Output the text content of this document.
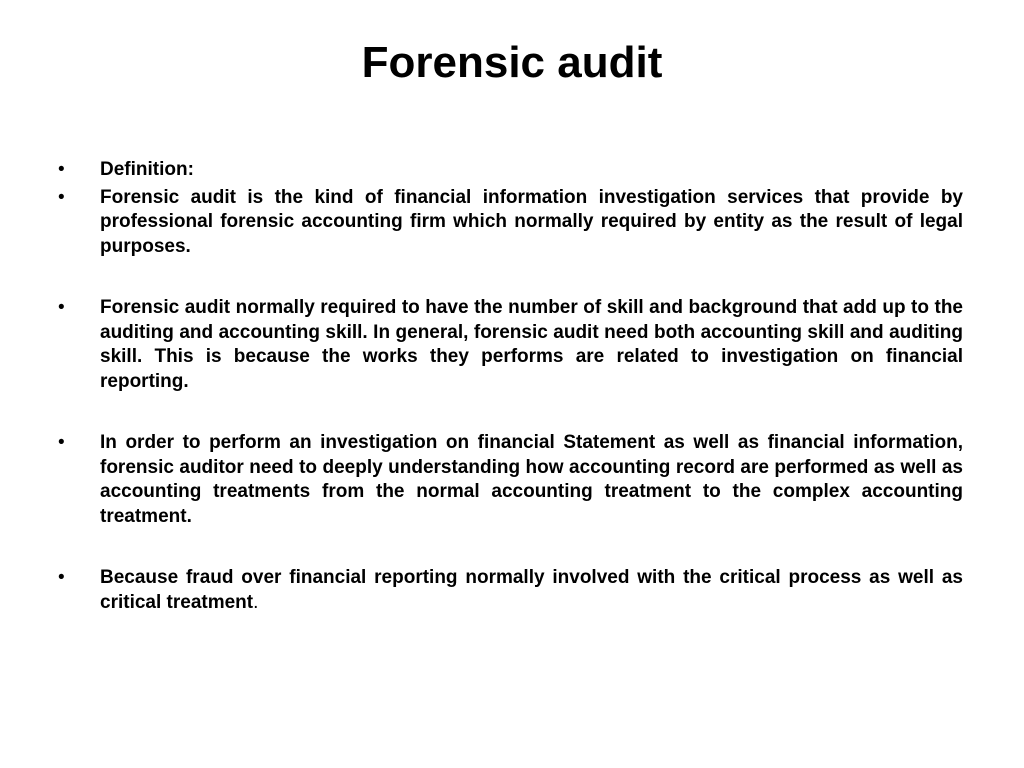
Forensic audit
• Definition:
• Forensic audit is the kind of financial information investigation services that provide by professional forensic accounting firm which normally required by entity as the result of legal purposes.
• Forensic audit normally required to have the number of skill and background that add up to the auditing and accounting skill. In general, forensic audit need both accounting skill and auditing skill. This is because the works they performs are related to investigation on financial reporting.
• In order to perform an investigation on financial Statement as well as financial information, forensic auditor need to deeply understanding how accounting record are performed as well as accounting treatments from the normal accounting treatment to the complex accounting treatment.
• Because fraud over financial reporting normally involved with the critical process as well as critical treatment.
